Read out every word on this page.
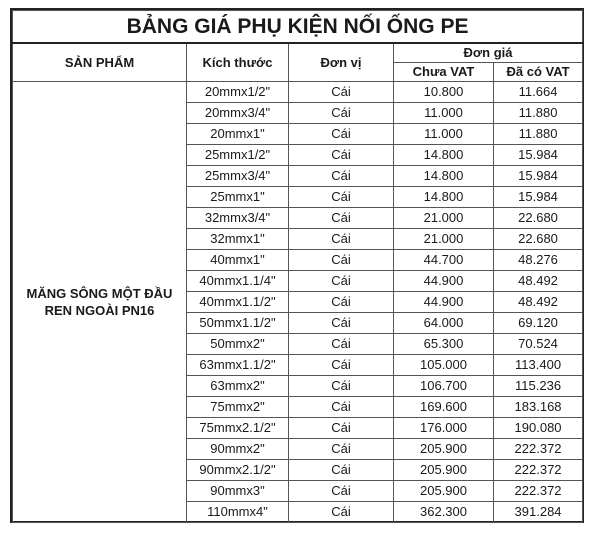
BẢNG GIÁ PHỤ KIỆN NỐI ỐNG PE				
SẢN PHẨM	Kích thước	Đơn vị	Đơn giá	
			Chưa VAT	Đã có VAT
MĂNG SÔNG MỘT ĐẦU REN NGOÀI PN16	20mmx1/2"	Cái	10.800	11.664
	20mmx3/4"	Cái	11.000	11.880
	20mmx1"	Cái	11.000	11.880
	25mmx1/2"	Cái	14.800	15.984
	25mmx3/4"	Cái	14.800	15.984
	25mmx1"	Cái	14.800	15.984
	32mmx3/4"	Cái	21.000	22.680
	32mmx1"	Cái	21.000	22.680
	40mmx1"	Cái	44.700	48.276
	40mmx1.1/4"	Cái	44.900	48.492
	40mmx1.1/2"	Cái	44.900	48.492
	50mmx1.1/2"	Cái	64.000	69.120
	50mmx2"	Cái	65.300	70.524
	63mmx1.1/2"	Cái	105.000	113.400
	63mmx2"	Cái	106.700	115.236
	75mmx2"	Cái	169.600	183.168
	75mmx2.1/2"	Cái	176.000	190.080
	90mmx2"	Cái	205.900	222.372
	90mmx2.1/2"	Cái	205.900	222.372
	90mmx3"	Cái	205.900	222.372
	110mmx4"	Cái	362.300	391.284
